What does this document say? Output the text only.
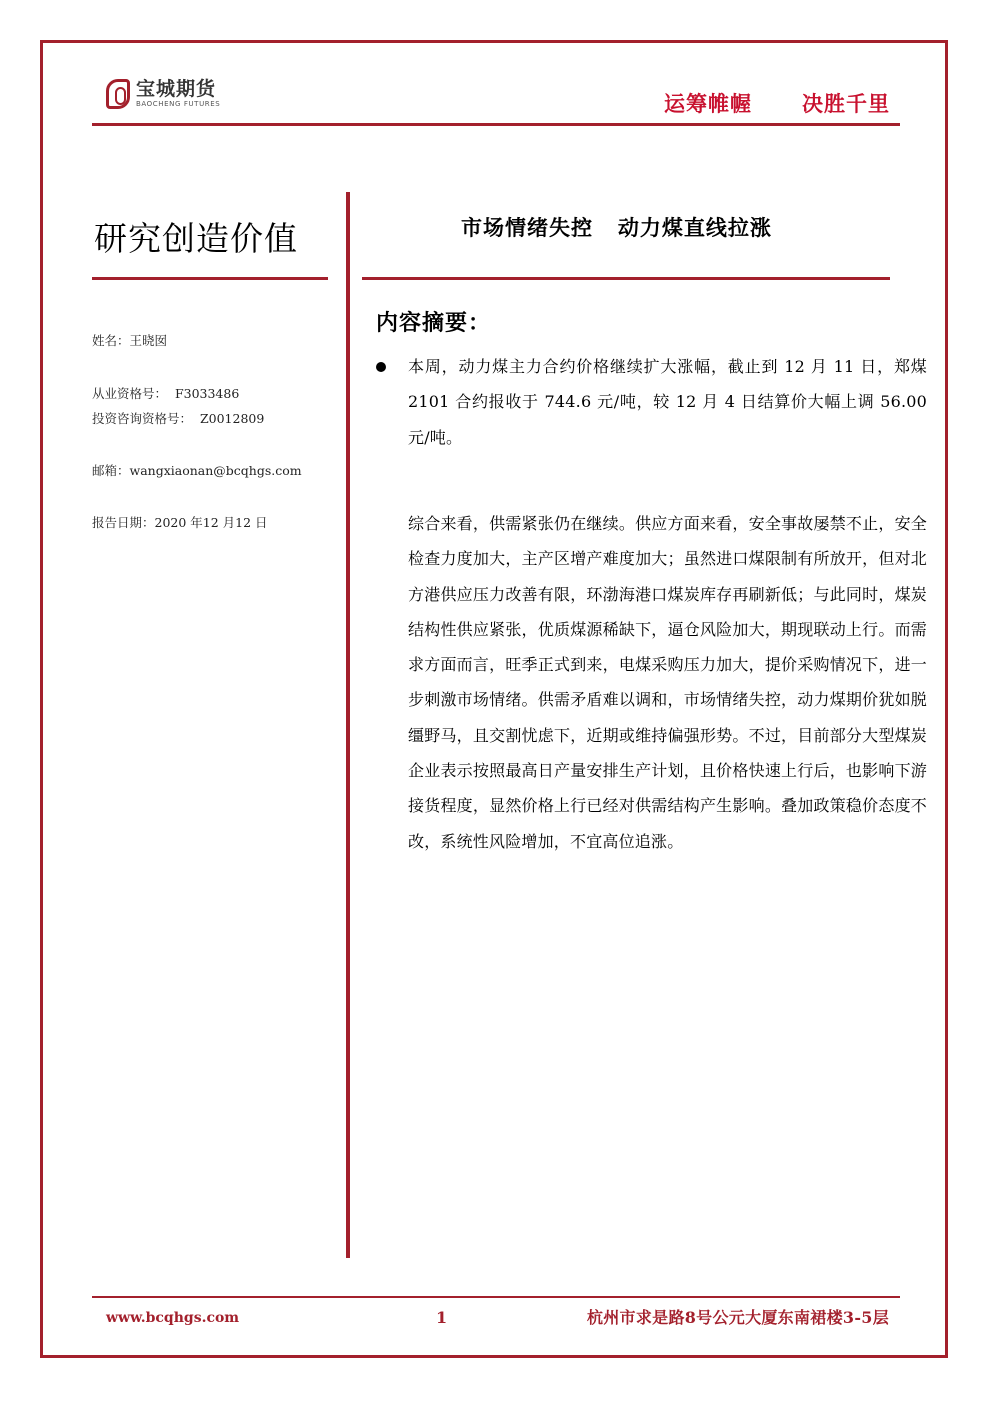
宝城期货
BAOCHENG FUTURES	运筹帷幄 决胜千里
研究创造价值	市场情绪失控   动力煤直线拉涨
姓名：王晓囡
从业资格号：  F3033486
投资咨询资格号：  Z0012809
邮箱：wangxiaonan@bcqhgs.com
报告日期：2020 年12 月12 日
内容摘要：

本周，动力煤主力合约价格继续扩大涨幅，截止到 12 月 11 日，郑煤 2101 合约报收于 744.6 元/吨，较 12 月 4 日结算价大幅上调 56.00 元/吨。

综合来看，供需紧张仍在继续。供应方面来看，安全事故屡禁不止，安全检查力度加大，主产区增产难度加大；虽然进口煤限制有所放开，但对北方港供应压力改善有限，环渤海港口煤炭库存再刷新低；与此同时，煤炭结构性供应紧张，优质煤源稀缺下，逼仓风险加大，期现联动上行。而需求方面而言，旺季正式到来，电煤采购压力加大，提价采购情况下，进一步刺激市场情绪。供需矛盾难以调和，市场情绪失控，动力煤期价犹如脱缰野马，且交割忧虑下，近期或维持偏强形势。不过，目前部分大型煤炭企业表示按照最高日产量安排生产计划，且价格快速上行后，也影响下游接货程度，显然价格上行已经对供需结构产生影响。叠加政策稳价态度不改，系统性风险增加，不宜高位追涨。

www.bcqhgs.com	1	杭州市求是路8号公元大厦东南裙楼3-5层
